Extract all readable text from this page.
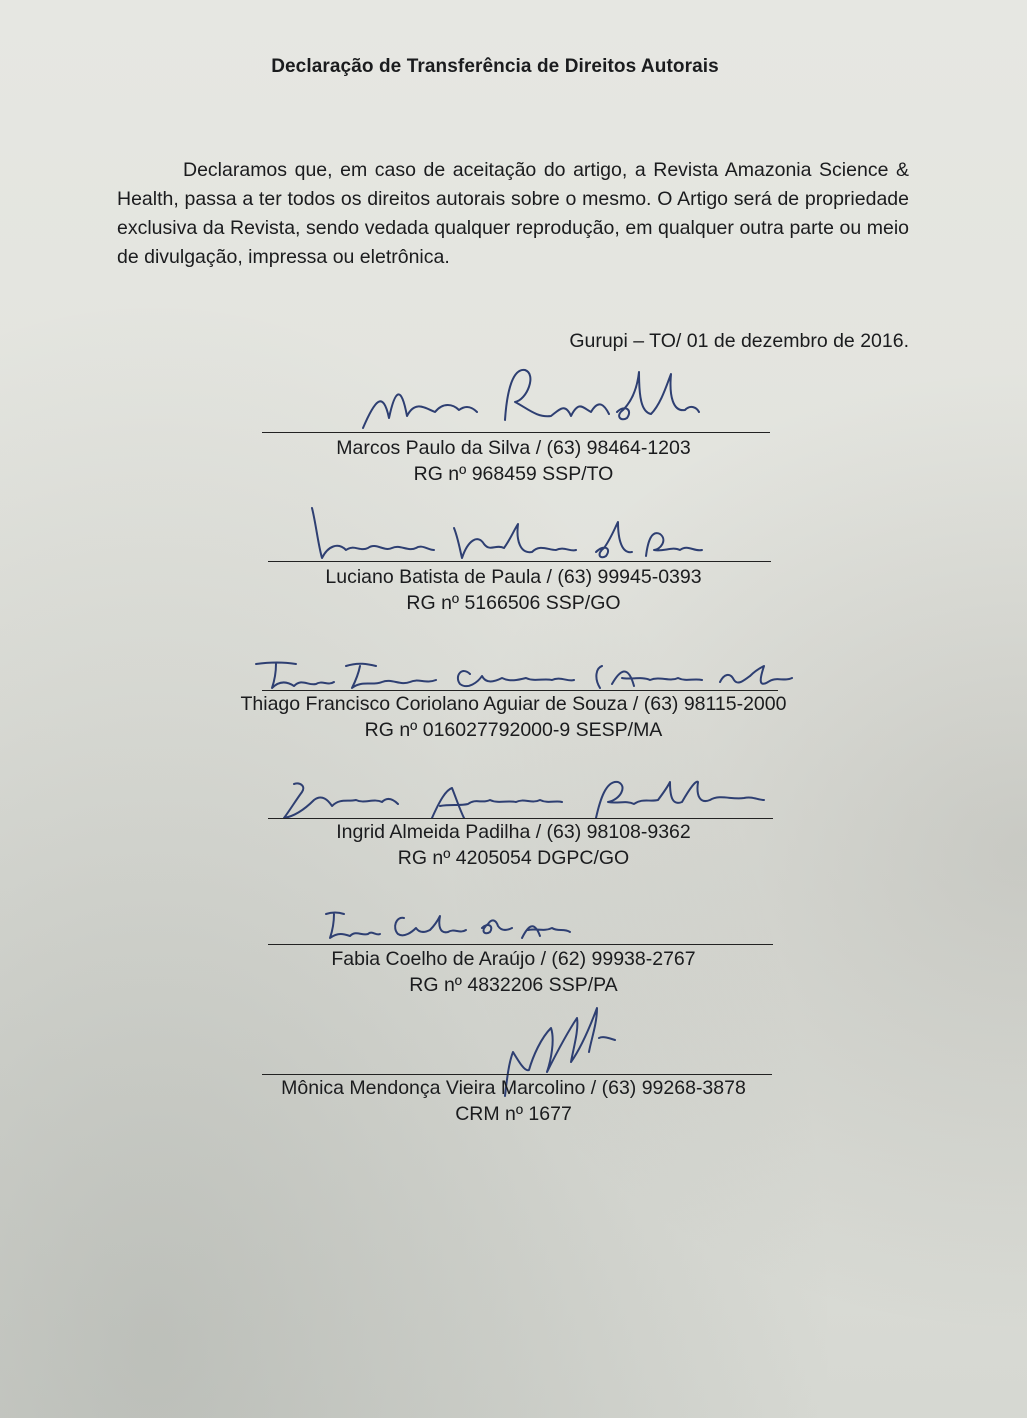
Declaração de Transferência de Direitos Autorais
Declaramos que, em caso de aceitação do artigo, a Revista Amazonia Science & Health, passa a ter todos os direitos autorais sobre o mesmo. O Artigo será de propriedade exclusiva da Revista, sendo vedada qualquer reprodução, em qualquer outra parte ou meio de divulgação, impressa ou eletrônica.
Gurupi – TO/ 01 de dezembro de 2016.
Marcos Paulo da Silva / (63) 98464-1203
RG nº 968459 SSP/TO
Luciano Batista de Paula / (63) 99945-0393
RG nº 5166506 SSP/GO
Thiago Francisco Coriolano Aguiar de Souza / (63) 98115-2000
RG nº 016027792000-9 SESP/MA
Ingrid Almeida Padilha / (63) 98108-9362
RG nº 4205054 DGPC/GO
Fabia Coelho de Araújo / (62) 99938-2767
RG nº 4832206 SSP/PA
Mônica Mendonça Vieira Marcolino / (63) 99268-3878
CRM nº 1677
